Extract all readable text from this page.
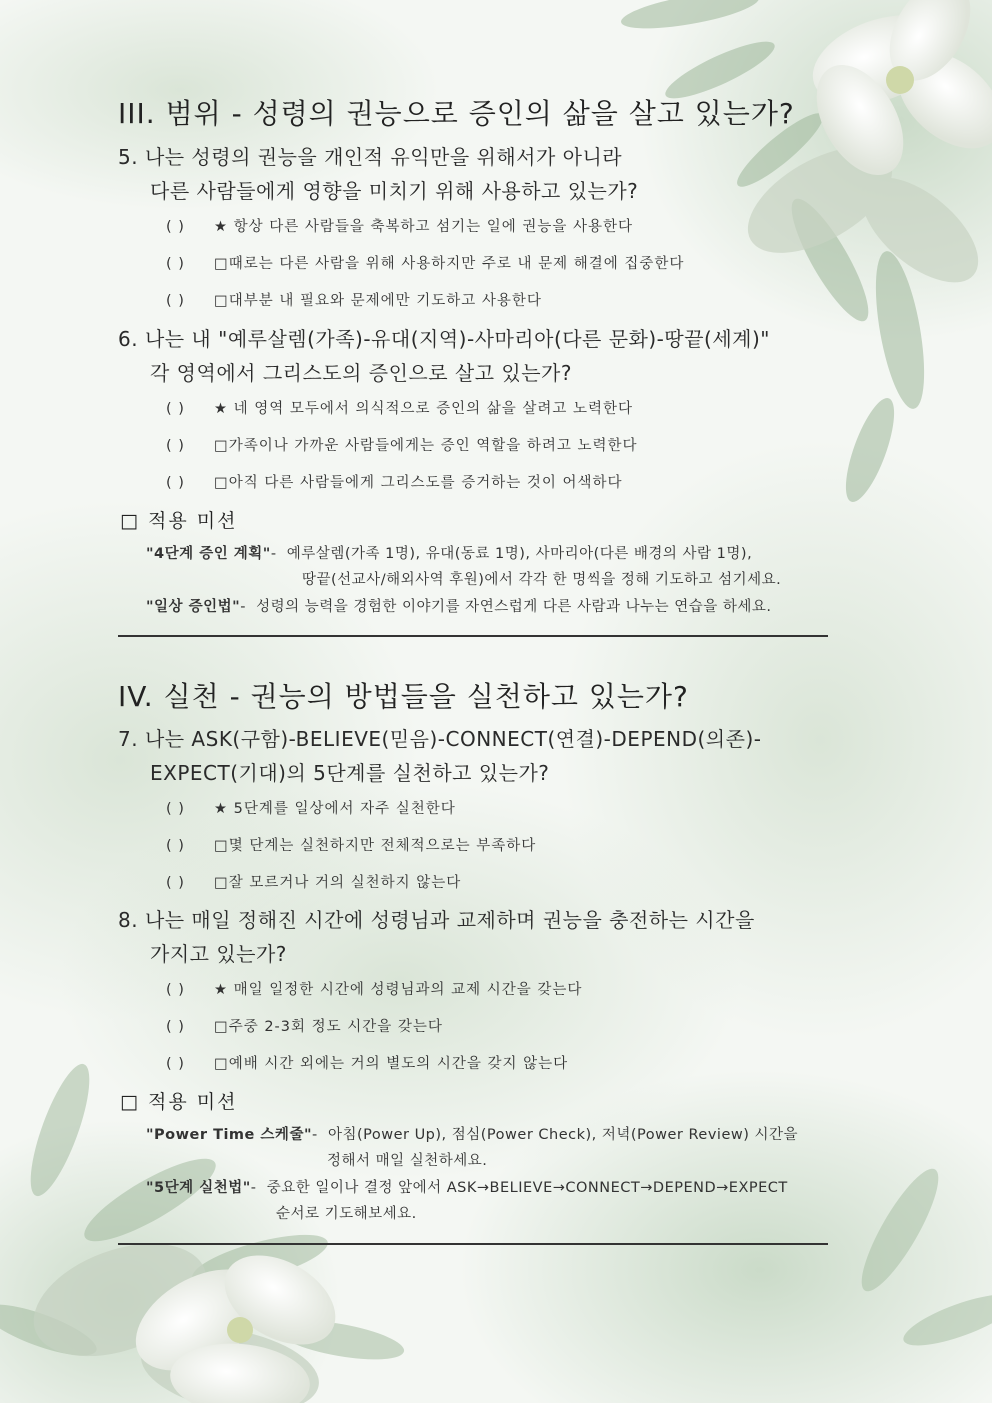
III. 범위 - 성령의 권능으로 증인의 삶을 살고 있는가?
5. 나는 성령의 권능을 개인적 유익만을 위해서가 아니라
다른 사람들에게 영향을 미치기 위해 사용하고 있는가?
( ) ★ 항상 다른 사람들을 축복하고 섬기는 일에 권능을 사용한다
( ) □때로는 다른 사람을 위해 사용하지만 주로 내 문제 해결에 집중한다
( ) □대부분 내 필요와 문제에만 기도하고 사용한다
6. 나는 내 "예루살렘(가족)-유대(지역)-사마리아(다른 문화)-땅끝(세계)"
각 영역에서 그리스도의 증인으로 살고 있는가?
( ) ★ 네 영역 모두에서 의식적으로 증인의 삶을 살려고 노력한다
( ) □가족이나 가까운 사람들에게는 증인 역할을 하려고 노력한다
( ) □아직 다른 사람들에게 그리스도를 증거하는 것이 어색하다
□ 적용 미션
"4단계 증인 계획"- 예루살렘(가족 1명), 유대(동료 1명), 사마리아(다른 배경의 사람 1명),
땅끝(선교사/해외사역 후원)에서 각각 한 명씩을 정해 기도하고 섬기세요.
"일상 증인법"- 성령의 능력을 경험한 이야기를 자연스럽게 다른 사람과 나누는 연습을 하세요.
IV. 실천 - 권능의 방법들을 실천하고 있는가?
7. 나는 ASK(구함)-BELIEVE(믿음)-CONNECT(연결)-DEPEND(의존)-
EXPECT(기대)의 5단계를 실천하고 있는가?
( ) ★ 5단계를 일상에서 자주 실천한다
( ) □몇 단계는 실천하지만 전체적으로는 부족하다
( ) □잘 모르거나 거의 실천하지 않는다
8. 나는 매일 정해진 시간에 성령님과 교제하며 권능을 충전하는 시간을
가지고 있는가?
( ) ★ 매일 일정한 시간에 성령님과의 교제 시간을 갖는다
( ) □주중 2-3회 정도 시간을 갖는다
( ) □예배 시간 외에는 거의 별도의 시간을 갖지 않는다
□ 적용 미션
"Power Time 스케줄"- 아침(Power Up), 점심(Power Check), 저녁(Power Review) 시간을
정해서 매일 실천하세요.
"5단계 실천법"- 중요한 일이나 결정 앞에서 ASK→BELIEVE→CONNECT→DEPEND→EXPECT
순서로 기도해보세요.
